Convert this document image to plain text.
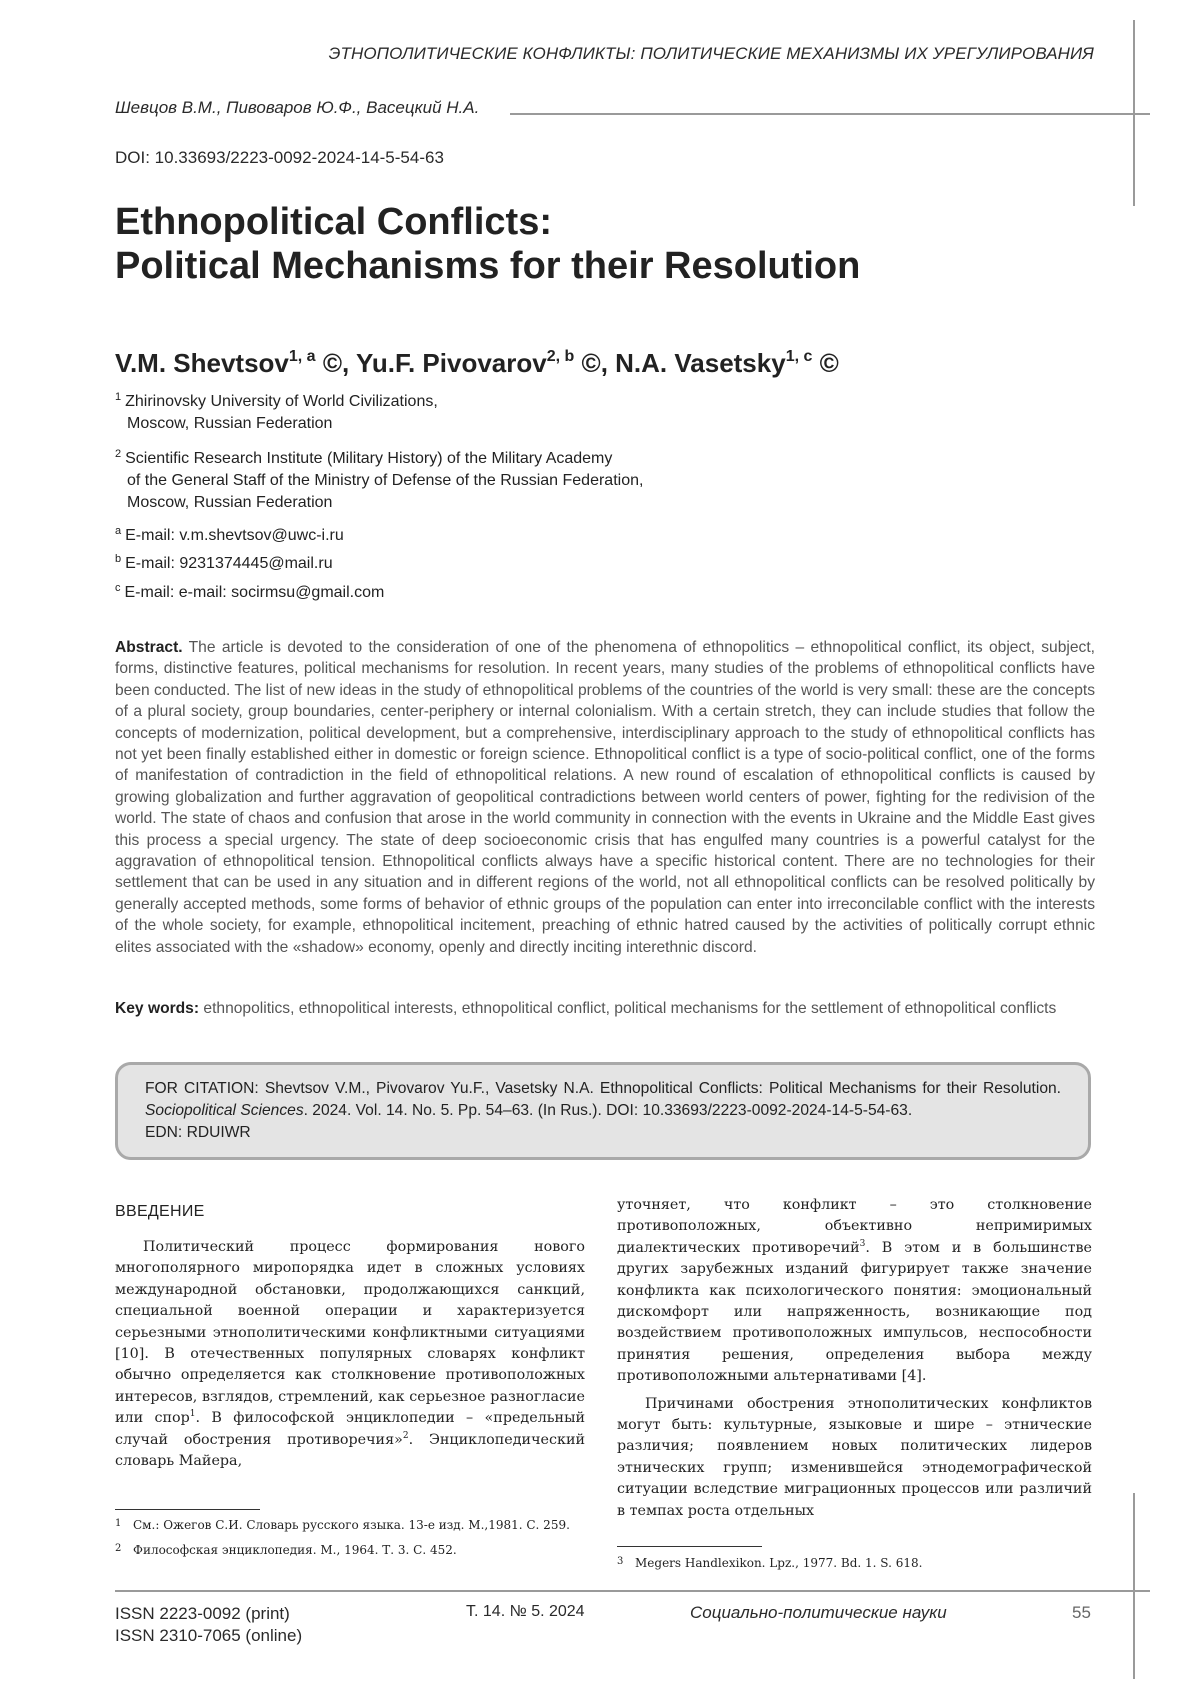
ЭТНОПОЛИТИЧЕСКИЕ КОНФЛИКТЫ: ПОЛИТИЧЕСКИЕ МЕХАНИЗМЫ ИХ УРЕГУЛИРОВАНИЯ
Шевцов В.М., Пивоваров Ю.Ф., Васецкий Н.А.
DOI: 10.33693/2223-0092-2024-14-5-54-63
Ethnopolitical Conflicts:
Political Mechanisms for their Resolution
V.M. Shevtsov1, a ©, Yu.F. Pivovarov2, b ©, N.A. Vasetsky1, c ©
1 Zhirinovsky University of World Civilizations,
Moscow, Russian Federation
2 Scientific Research Institute (Military History) of the Military Academy
of the General Staff of the Ministry of Defense of the Russian Federation,
Moscow, Russian Federation
a E-mail: v.m.shevtsov@uwc-i.ru
b E-mail: 9231374445@mail.ru
c E-mail: e-mail: socirmsu@gmail.com

Abstract. The article is devoted to the consideration of one of the phenomena of ethnopolitics – ethnopolitical conflict, its object, subject, forms, distinctive features, political mechanisms for resolution. In recent years, many studies of the problems of ethnopolitical conflicts have been conducted. The list of new ideas in the study of ethnopolitical problems of the countries of the world is very small: these are the concepts of a plural society, group boundaries, center-periphery or internal colonialism. With a certain stretch, they can include studies that follow the concepts of modernization, political development, but a comprehensive, interdisciplinary approach to the study of ethnopolitical conflicts has not yet been finally established either in domestic or foreign science. Ethnopolitical conflict is a type of socio-political conflict, one of the forms of manifestation of contradiction in the field of ethnopolitical relations. A new round of escalation of ethnopolitical conflicts is caused by growing globalization and further aggravation of geopolitical contradictions between world centers of power, fighting for the redivision of the world. The state of chaos and confusion that arose in the world community in connection with the events in Ukraine and the Middle East gives this process a special urgency. The state of deep socioeconomic crisis that has engulfed many countries is a powerful catalyst for the aggravation of ethnopolitical tension. Ethnopolitical conflicts always have a specific historical content. There are no technologies for their settlement that can be used in any situation and in different regions of the world, not all ethnopolitical conflicts can be resolved politically by generally accepted methods, some forms of behavior of ethnic groups of the population can enter into irreconcilable conflict with the interests of the whole society, for example, ethnopolitical incitement, preaching of ethnic hatred caused by the activities of politically corrupt ethnic elites associated with the «shadow» economy, openly and directly inciting interethnic discord.

Key words: ethnopolitics, ethnopolitical interests, ethnopolitical conflict, political mechanisms for the settlement of ethnopolitical conflicts

FOR CITATION: Shevtsov V.M., Pivovarov Yu.F., Vasetsky N.A. Ethnopolitical Conflicts: Political Mechanisms for their Resolution. Sociopolitical Sciences. 2024. Vol. 14. No. 5. Pp. 54–63. (In Rus.). DOI: 10.33693/2223-0092-2024-14-5-54-63.
EDN: RDUIWR
ВВЕДЕНИЕ

Политический процесс формирования нового многополярного миропорядка идет в сложных условиях международной обстановки, продолжающихся санкций, специальной военной операции и характеризуется серьезными этнополитическими конфликтными ситуациями [10]. В отечественных популярных словарях конфликт обычно определяется как столкновение противоположных интересов, взглядов, стремлений, как серьезное разногласие или спор1. В философской энциклопедии – «предельный случай обострения противоречия»2. Энциклопедический словарь Майера,

уточняет, что конфликт – это столкновение противоположных, объективно непримиримых диалектических противоречий3. В этом и в большинстве других зарубежных изданий фигурирует также значение конфликта как психологического понятия: эмоциональный дискомфорт или напряженность, возникающие под воздействием противоположных импульсов, неспособности принятия решения, определения выбора между противоположными альтернативами [4].

Причинами обострения этнополитических конфликтов могут быть: культурные, языковые и шире – этнические различия; появлением новых политических лидеров этнических групп; изменившейся этнодемографической ситуации вследствие миграционных процессов или различий в темпах роста отдельных

1 См.: Ожегов С.И. Словарь русского языка. 13-е изд. М.,1981. С. 259.
2 Философская энциклопедия. М., 1964. Т. 3. С. 452.
3 Megers Handlexikon. Lpz., 1977. Bd. 1. S. 618.
ISSN 2223-0092 (print)
ISSN 2310-7065 (online)
Т. 14. № 5. 2024	Социально-политические науки	55
